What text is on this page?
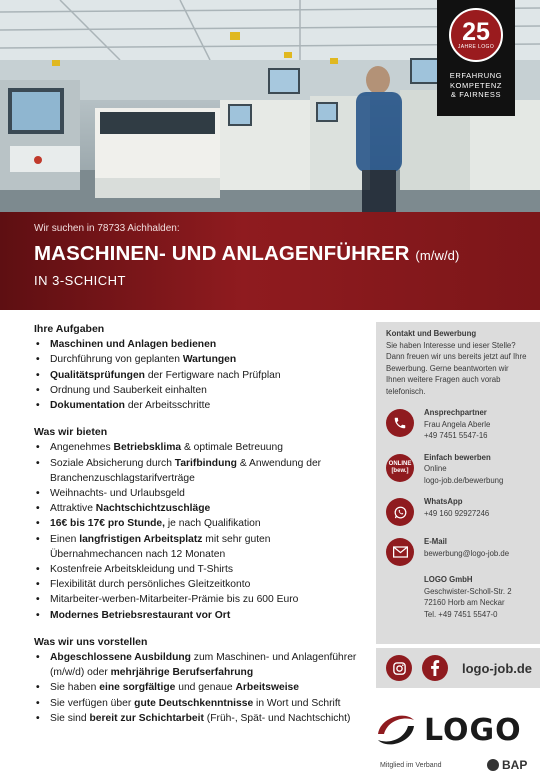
25
JAHRE LOGO
ERFAHRUNG
KOMPETENZ
& FAIRNESS
Wir suchen in 78733 Aichhalden:
MASCHINEN- UND ANLAGENFÜHRER (m/w/d)
IN 3-SCHICHT
Ihre Aufgaben
• Maschinen und Anlagen bedienen
• Durchführung von geplanten Wartungen
• Qualitätsprüfungen der Fertigware nach Prüfplan
• Ordnung und Sauberkeit einhalten
• Dokumentation der Arbeitsschritte
Was wir bieten
• Angenehmes Betriebsklima & optimale Betreuung
• Soziale Absicherung durch Tarifbindung & Anwendung der Branchenzuschlagstarifverträge
• Weihnachts- und Urlaubsgeld
• Attraktive Nachtschichtzuschläge
• 16€ bis 17€ pro Stunde, je nach Qualifikation
• Einen langfristigen Arbeitsplatz mit sehr guten Übernahmechancen nach 12 Monaten
• Kostenfreie Arbeitskleidung und T-Shirts
• Flexibilität durch persönliches Gleitzeitkonto
• Mitarbeiter-werben-Mitarbeiter-Prämie bis zu 600 Euro
• Modernes Betriebsrestaurant vor Ort
Was wir uns vorstellen
• Abgeschlossene Ausbildung zum Maschinen- und Anlagenführer (m/w/d) oder mehrjährige Berufserfahrung
• Sie haben eine sorgfältige und genaue Arbeitsweise
• Sie verfügen über gute Deutschkenntnisse in Wort und Schrift
• Sie sind bereit zur Schichtarbeit (Früh-, Spät- und Nachtschicht)
Kontakt und Bewerbung
Sie haben Interesse und ieser Stelle? Dann freuen wir uns bereits jetzt auf Ihre Bewerbung. Gerne beantworten wir Ihnen weitere Fragen auch vorab telefonisch.
Ansprechpartner
Frau Angela Aberle
+49 7451 5547-16
ONLINE
[bew.]
Einfach bewerben
Online
logo-job.de/bewerbung
WhatsApp
+49 160 92927246
E-Mail
bewerbung@logo-job.de
LOGO GmbH
Geschwister-Scholl-Str. 2
72160 Horb am Neckar
Tel. +49 7451 5547-0
logo-job.de
LOGO
Mitglied im Verband	BAP
